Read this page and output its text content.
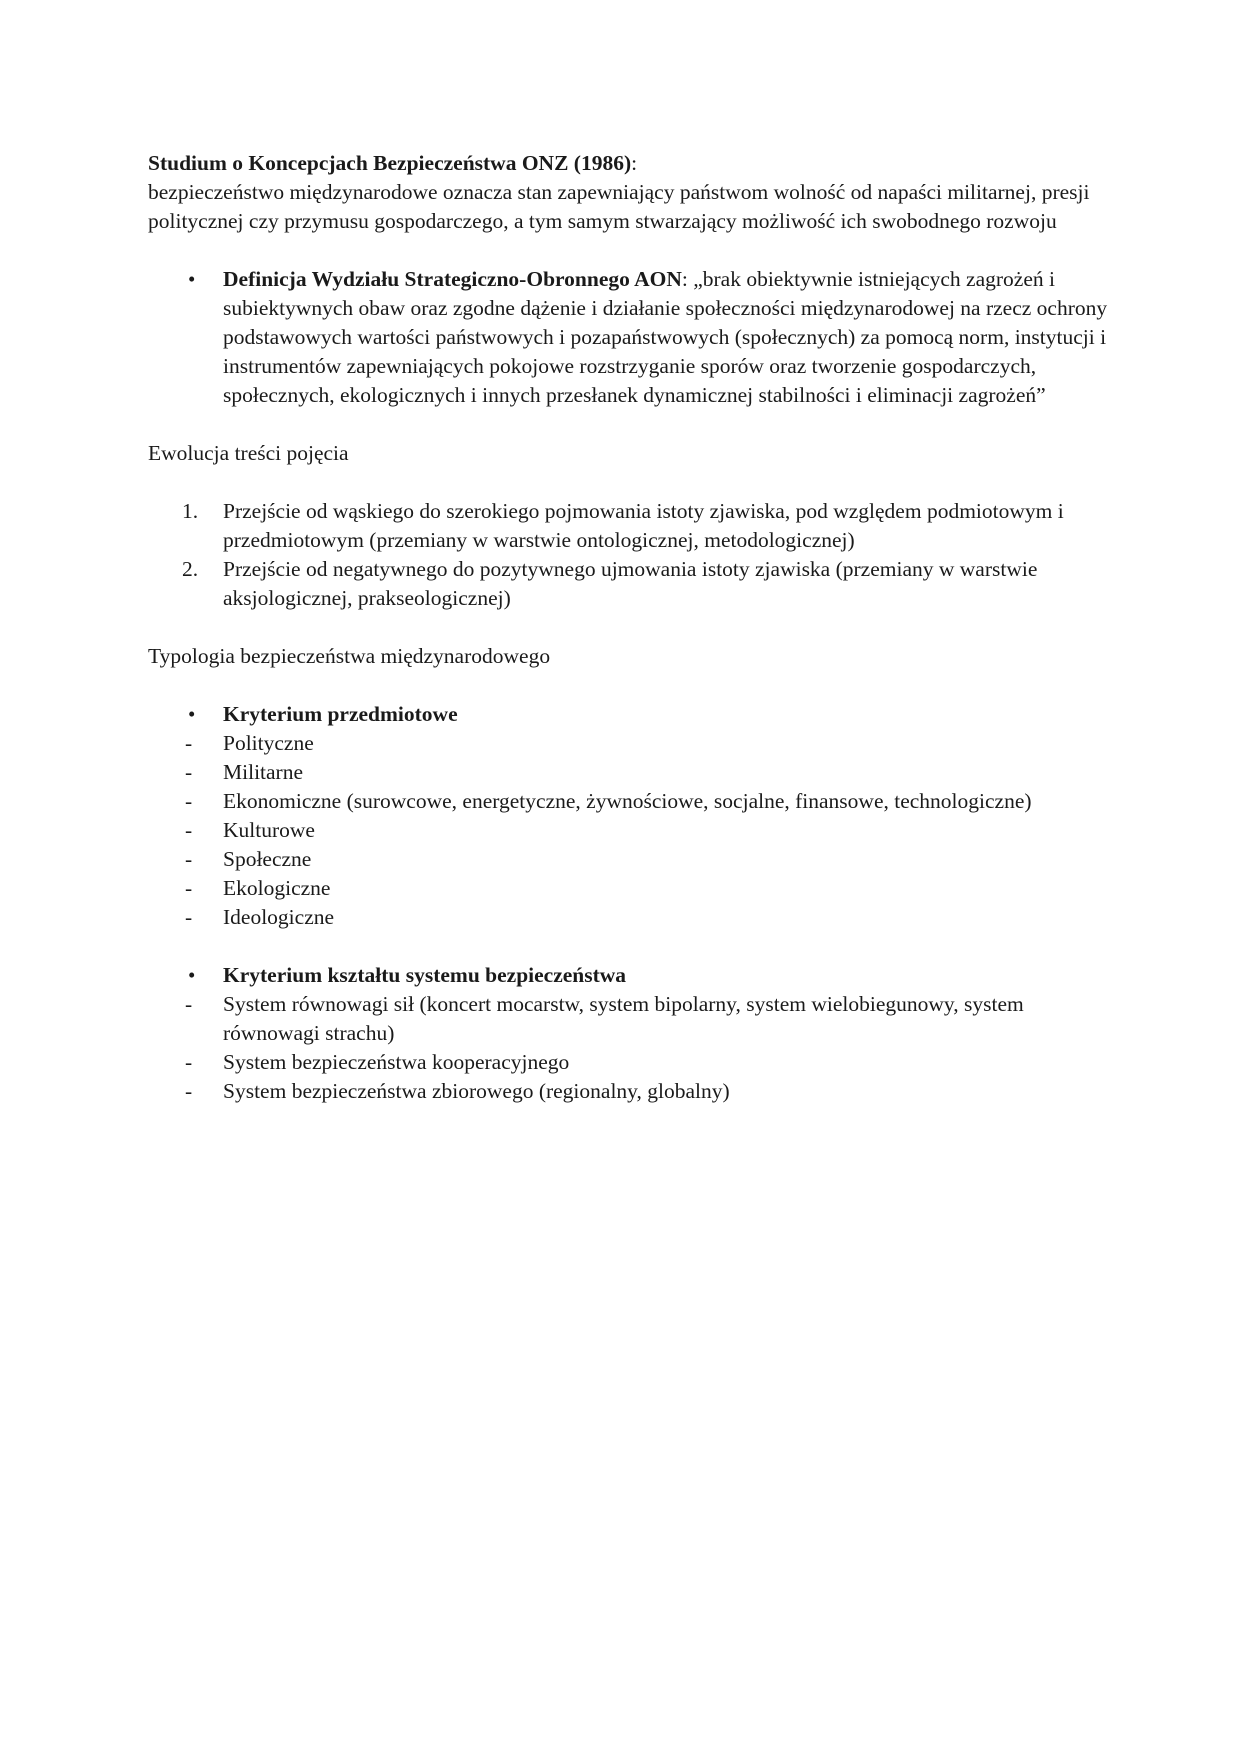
Studium o Koncepcjach Bezpieczeństwa ONZ (1986):

bezpieczeństwo międzynarodowe oznacza stan zapewniający państwom wolność od napaści militarnej, presji politycznej czy przymusu gospodarczego, a tym samym stwarzający możliwość ich swobodnego rozwoju

•	Definicja Wydziału Strategiczno-Obronnego AON: „brak obiektywnie istniejących zagrożeń i subiektywnych obaw oraz zgodne dążenie i działanie społeczności międzynarodowej na rzecz ochrony podstawowych wartości państwowych i pozapaństwowych (społecznych) za pomocą norm, instytucji i instrumentów zapewniających pokojowe rozstrzyganie sporów oraz tworzenie gospodarczych, społecznych, ekologicznych i innych przesłanek dynamicznej stabilności i eliminacji zagrożeń”

Ewolucja treści pojęcia

1.	Przejście od wąskiego do szerokiego pojmowania istoty zjawiska, pod względem podmiotowym i przedmiotowym (przemiany w warstwie ontologicznej, metodologicznej)
2.	Przejście od negatywnego do pozytywnego ujmowania istoty zjawiska (przemiany w warstwie aksjologicznej, prakseologicznej)

Typologia bezpieczeństwa międzynarodowego

•	Kryterium przedmiotowe
-	Polityczne
-	Militarne
-	Ekonomiczne (surowcowe, energetyczne, żywnościowe, socjalne, finansowe, technologiczne)
-	Kulturowe
-	Społeczne
-	Ekologiczne
-	Ideologiczne
•	Kryterium kształtu systemu bezpieczeństwa
-	System równowagi sił (koncert mocarstw, system bipolarny, system wielobiegunowy, system równowagi strachu)
-	System bezpieczeństwa kooperacyjnego
-	System bezpieczeństwa zbiorowego (regionalny, globalny)
